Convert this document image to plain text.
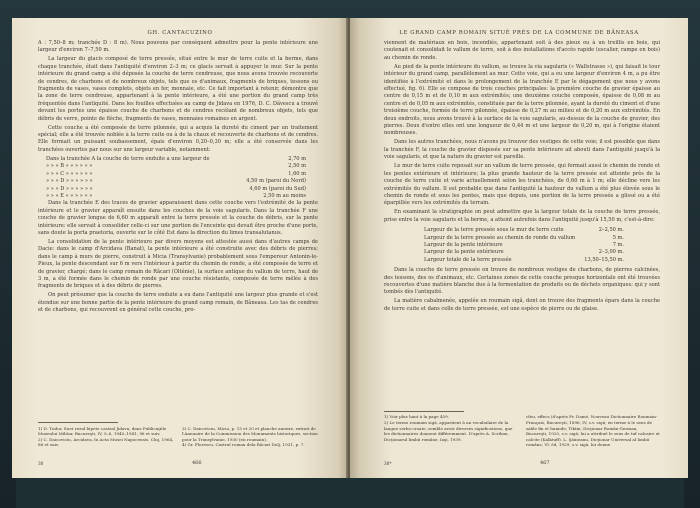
GH. CANTACUZINO

A : 7,50–8 m; tranchée D : 8 m). Nous pouvons par conséquent admettre pour la pente intérieure une largeur d'environ 7–7,50 m.

La largeur du glacis composé de terre pressée, situé entre le mur de terre cuite et la berme, dans chaque tranchée, était dans l'antiquité d'environ 2–3 m; ce glacis servait à appuyer le mur. Sur la pente intérieure du grand camp a été déposée la couche de terre cendreuse, que nous avons trouvée recouverte de cendres, de charbons et de nombreux objets, tels que os d'animaux, fragments de briques, tessons ou fragments de vases, vases complets, objets en fer, monnaie, etc. Ce fait important à retenir, démontre que la zone de terre cendreuse, appartenant à la pente intérieure, a été une portion du grand camp très fréquentée dans l'antiquité. Dans les fouilles effectuées au camp de Jidava en 1976, D. C. Dăvescu a trouvé devant les portes une épaisse couche de charbons et de cendres recélant de nombreux objets, tels que débris de verre, pointe de flèche, fragments de vases, monnaies romaines en argent.

Cette couche a été composée de terre pilonnée, qui a acquis la dureté du ciment par un traitement spécial; elle a été trouvée noblée à la terre cuite ou à de la chaux et recouverte de charbons et de cendres. Elle formait un puissant soubassement, épais d'environ 0,20–0,30 m; elle a été conservée dans les tranchées ouvertes par nous sur une largeur variable, notamment:

Dans la tranchée A la couche de terre enduite a une largeur de	2,70 m
» » » B » » » » » »	2,50 m
» » » C » » » » » »	1,60 m
» » » D » » » » » »	4,50 m (paroi du Nord)
» » » D » » » » » »	4,60 m (paroi du Sud)
» » » E » » » » » »	2,50 m au moins

Dans la tranchée E des traces de gravier apparaissent dans cette couche vers l'extrémité de la pente intérieure et le gravier apparaît ensuite dans les couches de la voie sagularis. Dans la tranchée F une couche de gravier longue de 6,60 m apparaît entre la terre pressée et la couche de débris, sur la pente intérieure: elle servait à consolider celle-ci sur une portion de l'enceinte qui devait être proche d'une porte, sans doute la porta praetoria, ouverte sur le côté Est dans la direction du limes transalutanus.

La consolidation de la pente intérieure par divers moyens est attestée aussi dans d'autres camps de Dacie: dans le camp d'Arcidava (Banat), la pente intérieure a été construite avec des débris de pierres; dans le camp à murs de pierre, construit à Micia (Transylvanie) probablement sous l'empereur Antonin-le-Pieux, la pente descendant sur 6 m vers l'intérieur à partir du chemin de ronde, a été composée de terre et de gravier, chargé; dans le camp romain de Răcari (Olténie), la surface antique du vallum de terre, haut de 3 m, a été formée dans le chemin de ronde par une couche résistante, composée de terre mêlée à des fragments de briques et à des débris de pierres.

On peut présumer que la couche de terre enduite a eu dans l'antiquité une largeur plus grande et s'est étendue sur une bonne partie de la pente intérieure du grand camp romain, de Băneasa. Les tas de cendres et de charbons, qui recouvrent en général cette couche, pro-

1) D. Tudor, Sicri rezul bipete castral Jidava, dans Publicaţiile Muzeului Militar, Bucureşti, IV, 5–6, 1940–1941, 96 et suiv.
2) C. Daicoviciu, Arcidava, în Acta Musei Napocensis, Cluj, 1964, 88 et suiv.
3) C. Daicoviciu, Micia, p. 15 et 20 et planche annexe, extrait de l'Annuaire de la Commission des Monuments historiques, section pour la Transylvanie, 1930 (en roumain).
4) Gr. Florescu, Castrul roman dela Răcari Dolj, 1931, p. 7.
30	466
LE GRAND CAMP ROMAIN SITUÉ PRÈS DE LA COMMUNE DE BĂNEASA

viennent de matériaux en bois, incendiés, appartenant soit à des pieux ou à un treillis en bois, qui coutenait et consolidait le vallum de terre, soit à des installations d'accès rapide (escalier, rampe en bois) au chemin de ronde.

Au pied de la pente intérieure du vallum, se trouve la via sagularis (« Wallstrasse »), qui faisait le tour intérieur du grand camp, parallèlement au mur. Cette voie, qui a eu une largeur d'environ 4 m, a pu être identifiée à l'extrémité et dans le prolongement de la tranchée E par le dégagement que nous y avons effectué, fig. 6). Elle se compose de trois couches principales: la première couche de gravier épaisse au centre de 0,15 m et de 0,10 m aux extrémités; une deuxième couche composée, épaisse de 0,08 m au centre et de 0,05 m aux extrémités, constituée par de la terre pilonnée, ayant la dureté du ciment et d'une troisième couche, formée de terre pilonnée, épaisse de 0,27 m au milieu et de 0,20 m aux extrémités. En deux endroits, nous avons trouvé à la surface de la voie sagularis, au-dessus de la couche de gravier, des pierres. Deux d'entre elles ont une longueur de 0,44 m et une largeur de 0,20 m, qui à l'origine étaient nombreuses.

Dans les autres tranchées, nous n'avons pu trouver des vestiges de cette voie; il est possible que dans la tranchée F, la couche de gravier disposée sur sa pente intérieure ait abouti dans l'antiquité jusqu'à la voie sagularis, et que la nature du gravier est pareille.

Le mur de terre cuite reposait sur un vallum de terre pressée, qui formait aussi le chemin de ronde et les pentes extérieure et intérieure; la plus grande hauteur de la terre pressée est atteinte près de la couche de terre cuite et varie actuellement selon les tranchées, de 0,60 m à 1 m; elle décline vers les extrémités du vallum. Il est probable que dans l'antiquité la hauteur du vallum a été plus élevée sous le chemin de ronde et sous les pentes, mais que depuis, une portion de la terre pressée a glissé ou a été éparpillée vers les extrémités du terrain.

En examinant la stratigraphie on peut admettre que la largeur totale de la couche de terre pressée, prise entre la voie sagularis et la berme, a atteint autrefois dans l'antiquité jusqu'à 15,50 m, c'est-à-dire:

Largeur de la terre pressée sous le mur de terre cuite	2–2,50 m.
Largeur de la terre pressée au chemin de ronde du vallum	5 m.
Largeur de la pente intérieure	7 m.
Largeur de la pente extérieure	2–3,00 m.
Largeur totale de la terre pressée	13,50–15,50 m.

Dans la couche de terre pressée on trouve de nombreux vestiges de charbons, de pierres calcinées, des tessons, des os d'animaux, etc. Certaines zones de cette couche presque horizontale ont été trouvées recouvertes d'une matière blanche due à la fermentation de produits ou de déchets organiques; qui y sont tombés dès l'antiquité.

La matière cabalmenée, appelée en roumain sigă, dont on trouve des fragments épars dans la couche de terre cuite et dans celle de terre pressée, est une espèce de pierre ou de glaise.

1) Voir plus haut à la page 459.
2) Le terme roumain sigă, appartient à un vocabulaire de la langue serbo-croate, semble avoir diverses significations, que les dictionnaires donnent différemment. D'après A. Scriban, Dicţionarul limbii române, Iaşi, 1939.
cfeu, effecs (d'après Fr. Damé, Nouveau Dictionnaire Roumain-Français, Bucureşti, 1896, IV, s.v. sigă; en terme à le sens de sable fin et humide; Tiktin, Dicţionar Român-German, Bucureşti, 1925, s.v. sigă; lui a attribué le sens de tuf calcaire et calcite (Kalktuff). L. Şăineanu, Dicţionar Universal al limbii române, Vl. éd, 1929, s.v. sigă, lui donne
30*	467
